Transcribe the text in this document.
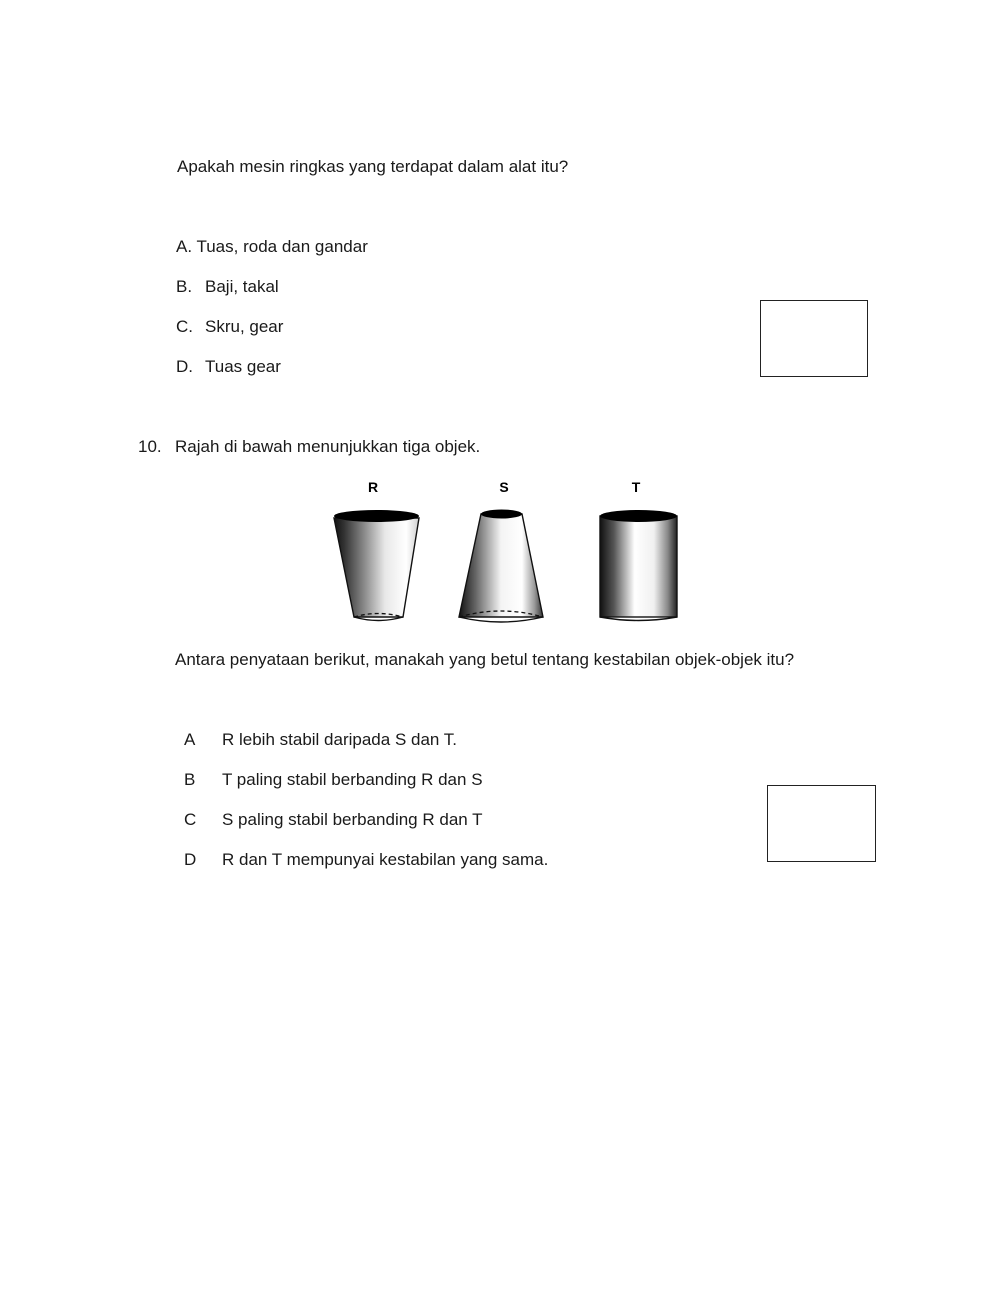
Apakah mesin ringkas yang terdapat dalam alat itu?
A. Tuas, roda dan gandar
B. Baji, takal
C. Skru, gear
D. Tuas gear
10. Rajah di bawah menunjukkan tiga objek.
R	S	T
Antara penyataan berikut, manakah yang betul tentang kestabilan objek-objek itu?
A R lebih stabil daripada S dan T.
B T paling stabil berbanding R dan S
C S paling stabil berbanding R dan T
D R dan T mempunyai kestabilan yang sama.
